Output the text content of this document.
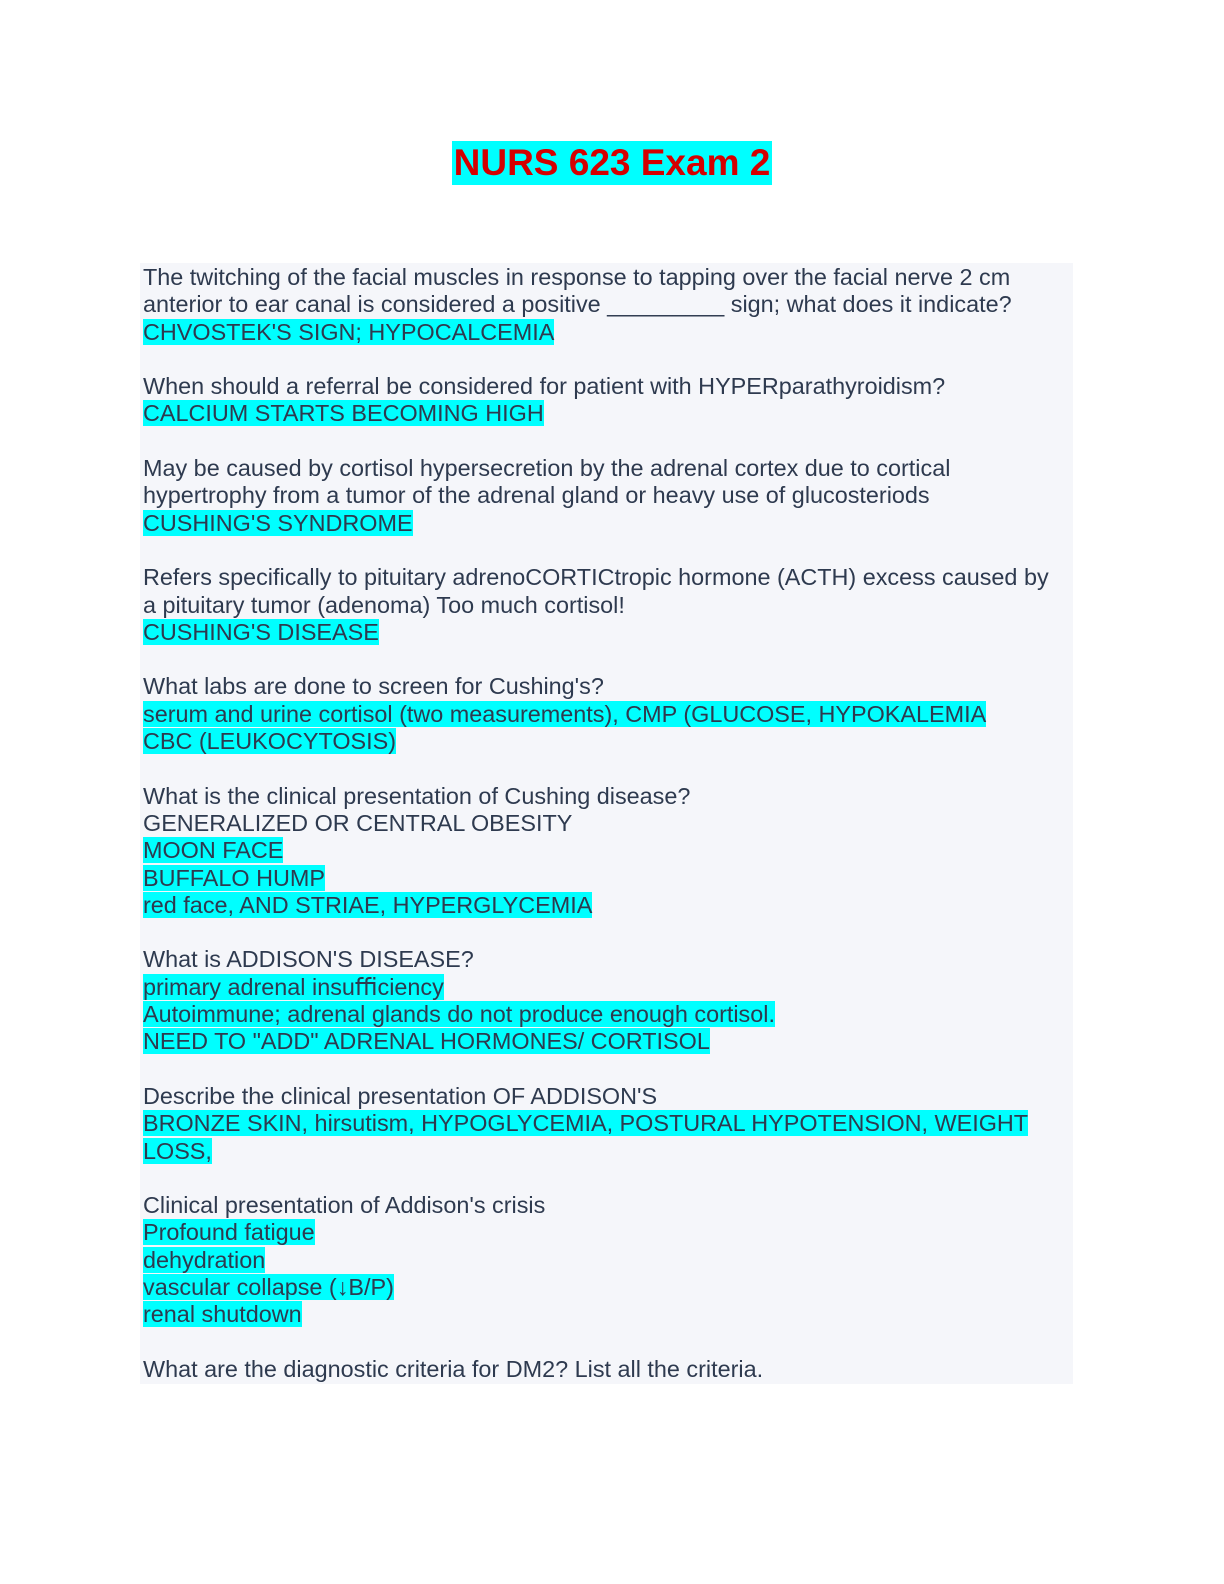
NURS 623 Exam 2
The twitching of the facial muscles in response to tapping over the facial nerve 2 cm
anterior to ear canal is considered a positive _________ sign; what does it indicate?
CHVOSTEK'S SIGN; HYPOCALCEMIA
When should a referral be considered for patient with HYPERparathyroidism?
CALCIUM STARTS BECOMING HIGH
May be caused by cortisol hypersecretion by the adrenal cortex due to cortical
hypertrophy from a tumor of the adrenal gland or heavy use of glucosteriods
CUSHING'S SYNDROME
Refers specifically to pituitary adrenoCORTICtropic hormone (ACTH) excess caused by
a pituitary tumor (adenoma) Too much cortisol!
CUSHING'S DISEASE
What labs are done to screen for Cushing's?
serum and urine cortisol (two measurements), CMP (GLUCOSE, HYPOKALEMIA
CBC (LEUKOCYTOSIS)
What is the clinical presentation of Cushing disease?
GENERALIZED OR CENTRAL OBESITY
MOON FACE
BUFFALO HUMP
red face, AND STRIAE, HYPERGLYCEMIA
What is ADDISON'S DISEASE?
primary adrenal insuﬃciency
Autoimmune; adrenal glands do not produce enough cortisol.
NEED TO "ADD" ADRENAL HORMONES/ CORTISOL
Describe the clinical presentation OF ADDISON'S
BRONZE SKIN, hirsutism, HYPOGLYCEMIA, POSTURAL HYPOTENSION, WEIGHT
LOSS,
Clinical presentation of Addison's crisis
Profound fatigue
dehydration
vascular collapse (↓B/P)
renal shutdown
What are the diagnostic criteria for DM2? List all the criteria.
